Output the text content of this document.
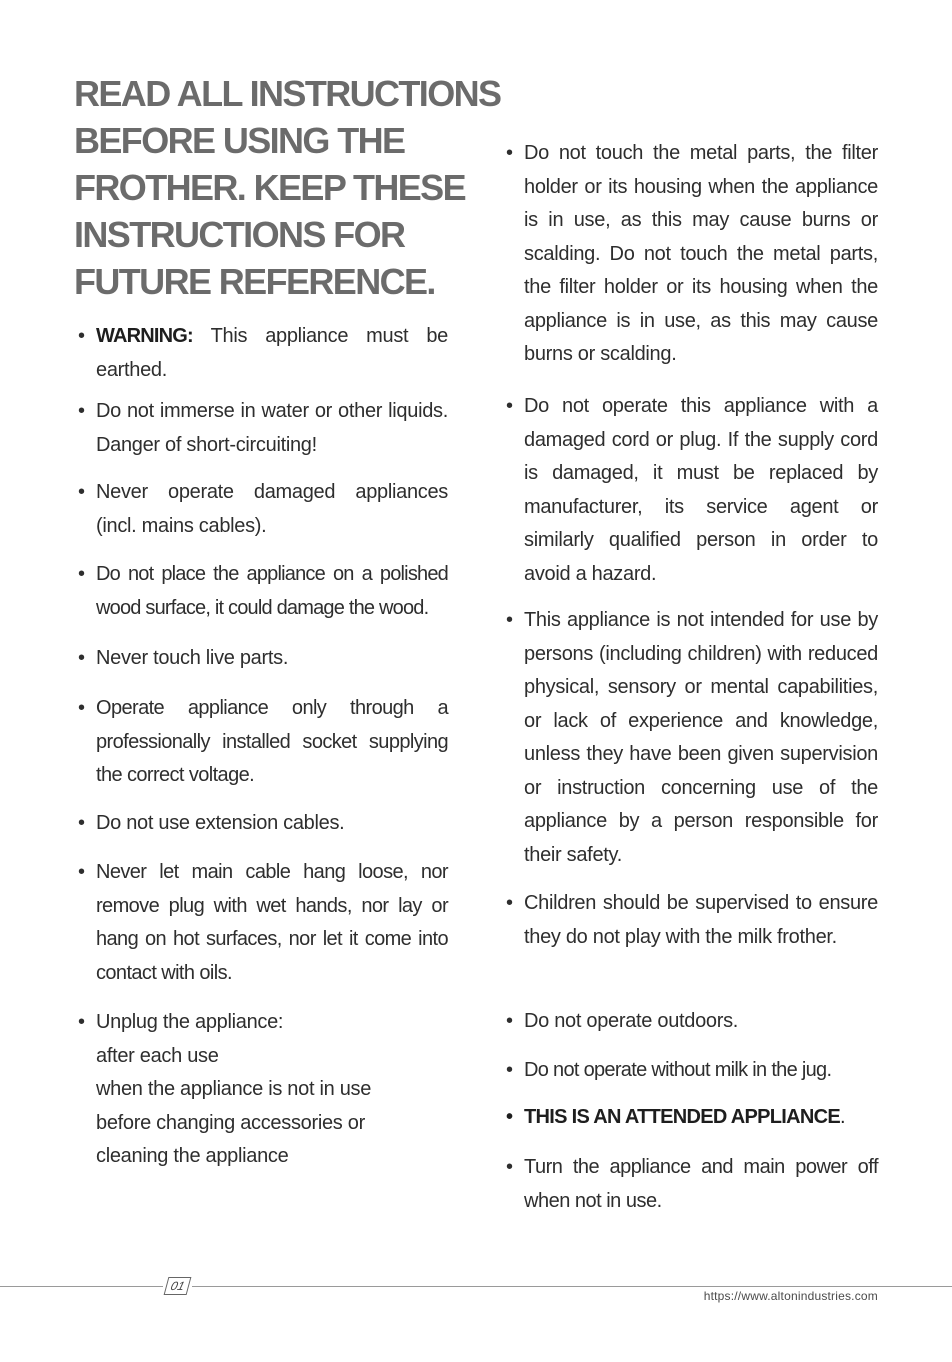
READ ALL INSTRUCTIONS BEFORE USING THE FROTHER. KEEP THESE INSTRUCTIONS FOR FUTURE REFERENCE.
• WARNING: This appliance must be earthed.
• Do not immerse in water or other liquids. Danger of short-circuiting!
• Never operate damaged appliances (incl. mains cables).
• Do not place the appliance on a polished wood surface, it could damage the wood.
• Never touch live parts.
• Operate appliance only through a professionally installed socket supplying the correct voltage.
• Do not use extension cables.
• Never let main cable hang loose, nor remove plug with wet hands, nor lay or hang on hot surfaces, nor let it come into contact with oils.
• Unplug the appliance:
after each use
when the appliance is not in use
before changing accessories or
cleaning the appliance
• Do not touch the metal parts, the filter holder or its housing when the appliance is in use, as this may cause burns or scalding. Do not touch the metal parts, the filter holder or its housing when the appliance is in use, as this may cause burns or scalding.
• Do not operate this appliance with a damaged cord or plug. If the supply cord is damaged, it must be replaced by manufacturer, its service agent or similarly qualified person in order to avoid a hazard.
• This appliance is not intended for use by persons (including children) with reduced physical, sensory or mental capabilities, or lack of experience and knowledge, unless they have been given supervision or instruction concerning use of the appliance by a person responsible for their safety.
• Children should be supervised to ensure they do not play with the milk frother.
• Do not operate outdoors.
• Do not operate without milk in the jug.
• THIS IS AN ATTENDED APPLIANCE.
• Turn the appliance and main power off when not in use.
01
https://www.altonindustries.com
